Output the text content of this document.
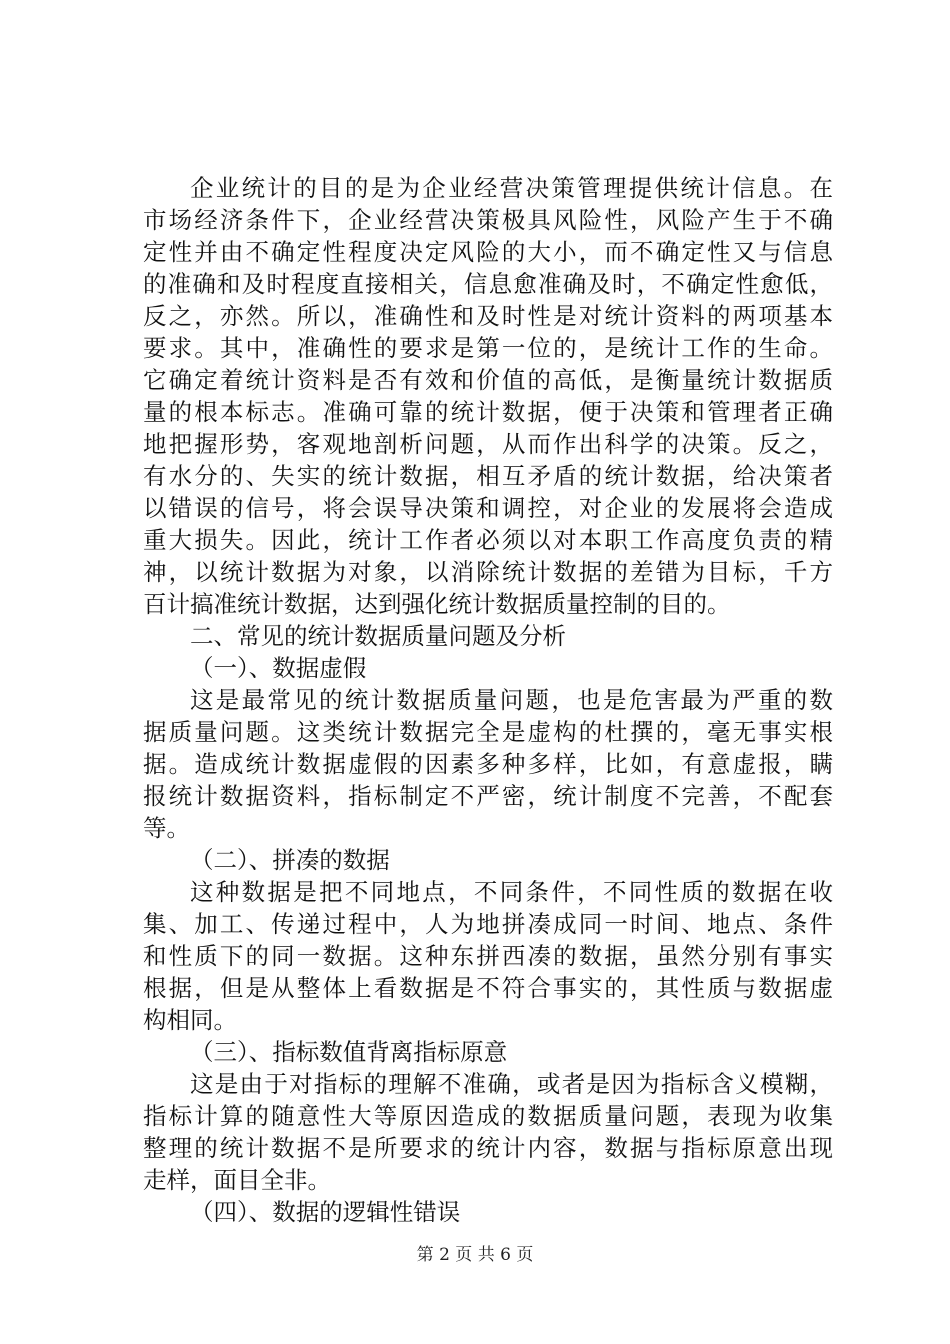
企业统计的目的是为企业经营决策管理提供统计信息。在
市场经济条件下，企业经营决策极具风险性，风险产生于不确
定性并由不确定性程度决定风险的大小，而不确定性又与信息
的准确和及时程度直接相关，信息愈准确及时，不确定性愈低，
反之，亦然。所以，准确性和及时性是对统计资料的两项基本
要求。其中，准确性的要求是第一位的，是统计工作的生命。
它确定着统计资料是否有效和价值的高低，是衡量统计数据质
量的根本标志。准确可靠的统计数据，便于决策和管理者正确
地把握形势，客观地剖析问题，从而作出科学的决策。反之，
有水分的、失实的统计数据，相互矛盾的统计数据，给决策者
以错误的信号，将会误导决策和调控，对企业的发展将会造成
重大损失。因此，统计工作者必须以对本职工作高度负责的精
神，以统计数据为对象，以消除统计数据的差错为目标，千方
百计搞准统计数据，达到强化统计数据质量控制的目的。
二、常见的统计数据质量问题及分析
（一）、数据虚假
这是最常见的统计数据质量问题，也是危害最为严重的数
据质量问题。这类统计数据完全是虚构的杜撰的，毫无事实根
据。造成统计数据虚假的因素多种多样，比如，有意虚报，瞒
报统计数据资料，指标制定不严密，统计制度不完善，不配套
等。
（二）、拼凑的数据
这种数据是把不同地点，不同条件，不同性质的数据在收
集、加工、传递过程中，人为地拼凑成同一时间、地点、条件
和性质下的同一数据。这种东拼西凑的数据，虽然分别有事实
根据，但是从整体上看数据是不符合事实的，其性质与数据虚
构相同。
（三）、指标数值背离指标原意
这是由于对指标的理解不准确，或者是因为指标含义模糊，
指标计算的随意性大等原因造成的数据质量问题，表现为收集
整理的统计数据不是所要求的统计内容，数据与指标原意出现
走样，面目全非。
（四）、数据的逻辑性错误
第 2 页 共 6 页
